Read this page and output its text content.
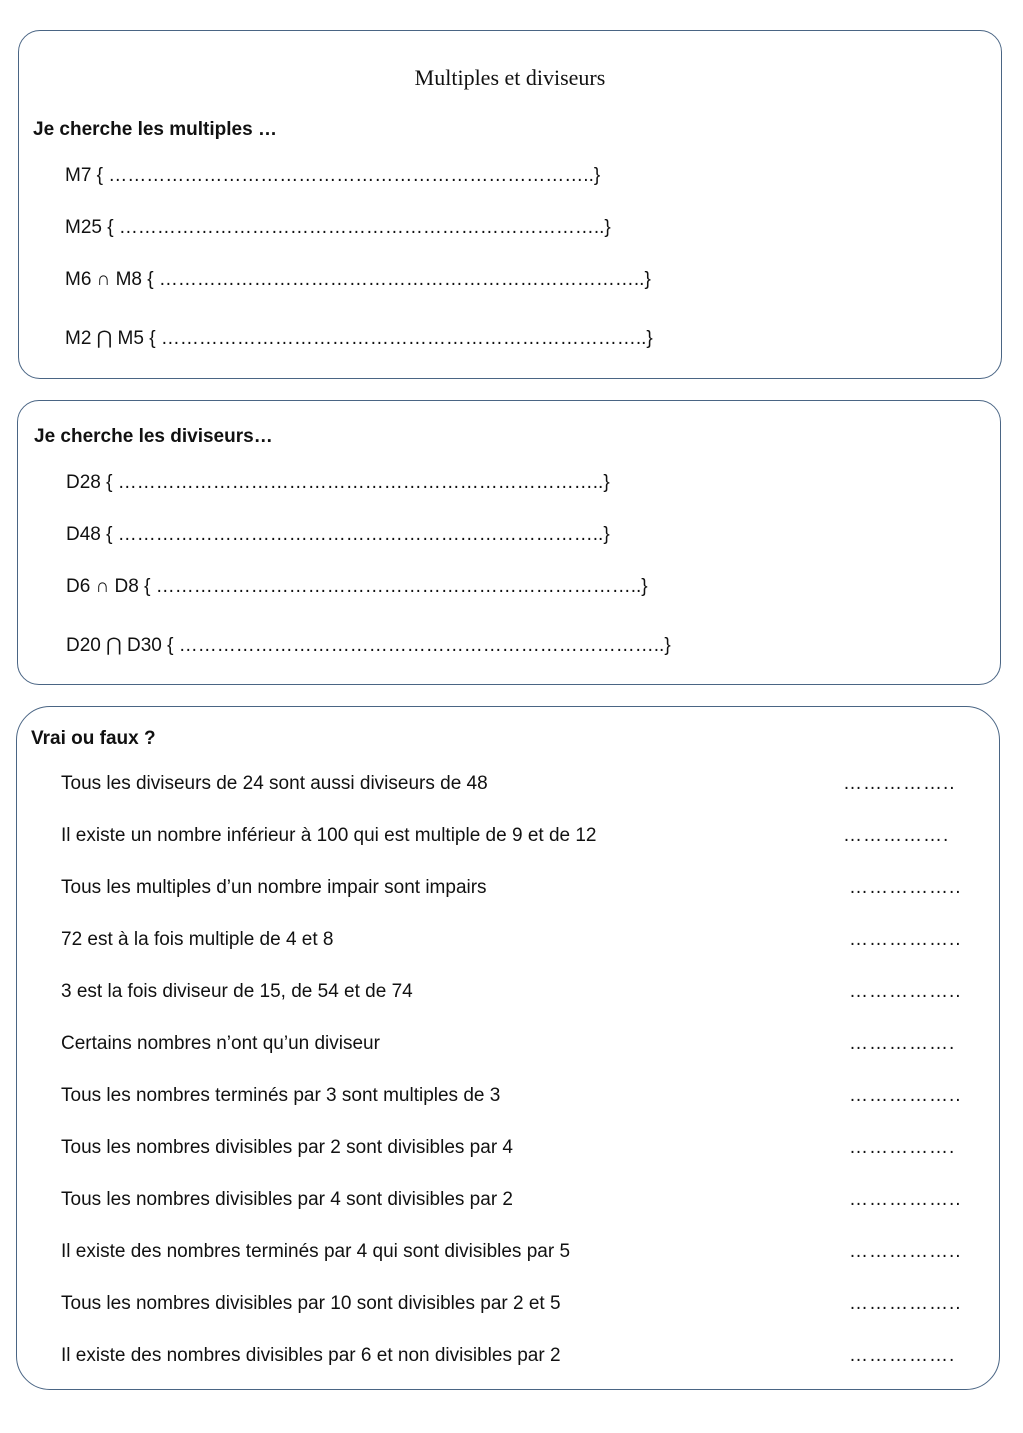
Multiples et diviseurs
Je cherche les multiples …
M7 { …………………………………………………………………..}
M25 { …………………………………………………………………..}
M6 ∩ M8 { …………………………………………………………………..}
M2 ⋂ M5 { …………………………………………………………………..}
Je cherche les diviseurs…
D28 { …………………………………………………………………..}
D48 { …………………………………………………………………..}
D6 ∩ D8 { …………………………………………………………………..}
D20 ⋂ D30 { …………………………………………………………………..}
Vrai ou faux ?
Tous les diviseurs de 24 sont aussi diviseurs de 48	……………..
Il existe un nombre inférieur à 100 qui est multiple de 9 et de 12	…………….
Tous les multiples d’un nombre impair sont impairs	……………..
72 est à la fois multiple de 4 et 8	……………..
3 est la fois diviseur de 15, de 54 et de 74	……………..
Certains nombres n’ont qu’un diviseur	…………….
Tous les nombres terminés par 3 sont multiples de 3	……………..
Tous les nombres divisibles par 2 sont divisibles par 4	…………….
Tous les nombres divisibles par 4 sont divisibles par 2	……………..
Il existe des nombres terminés par 4 qui sont divisibles par 5	……………..
Tous les nombres divisibles par 10 sont divisibles par 2 et 5	……………..
Il existe des nombres divisibles par 6 et non divisibles par 2	…………….
